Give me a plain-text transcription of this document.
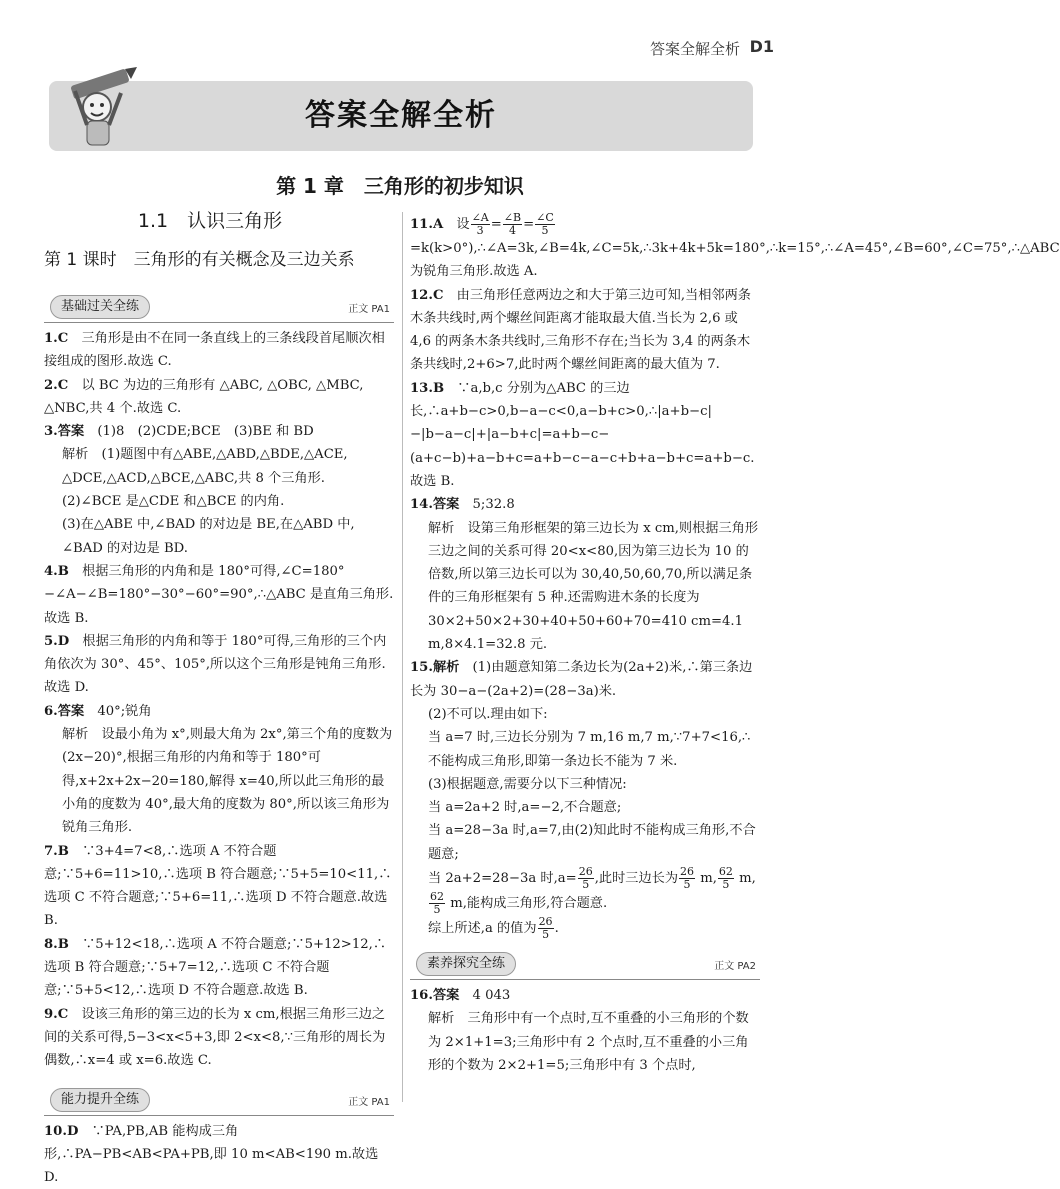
答案全解全析 D1
答案全解全析
第 1 章　三角形的初步知识
1.1　认识三角形
第 1 课时　三角形的有关概念及三边关系
基础过关全练	正文 PA1

1.C　三角形是由不在同一条直线上的三条线段首尾顺次相接组成的图形.故选 C.

2.C　以 BC 为边的三角形有 △ABC, △OBC, △MBC, △NBC,共 4 个.故选 C.

3.答案　(1)8　(2)CDE;BCE　(3)BE 和 BD

解析　(1)题图中有△ABE,△ABD,△BDE,△ACE, △DCE,△ACD,△BCE,△ABC,共 8 个三角形.

(2)∠BCE 是△CDE 和△BCE 的内角.

(3)在△ABE 中,∠BAD 的对边是 BE,在△ABD 中, ∠BAD 的对边是 BD.

4.B　根据三角形的内角和是 180°可得,∠C=180°−∠A−∠B=180°−30°−60°=90°,∴△ABC 是直角三角形.故选 B.

5.D　根据三角形的内角和等于 180°可得,三角形的三个内角依次为 30°、45°、105°,所以这个三角形是钝角三角形.故选 D.

6.答案　40°;锐角

解析　设最小角为 x°,则最大角为 2x°,第三个角的度数为(2x−20)°,根据三角形的内角和等于 180°可得,x+2x+2x−20=180,解得 x=40,所以此三角形的最小角的度数为 40°,最大角的度数为 80°,所以该三角形为锐角三角形.

7.B　∵3+4=7<8,∴选项 A 不符合题意;∵5+6=11>10,∴选项 B 符合题意;∵5+5=10<11,∴选项 C 不符合题意;∵5+6=11,∴选项 D 不符合题意.故选 B.

8.B　∵5+12<18,∴选项 A 不符合题意;∵5+12>12,∴选项 B 符合题意;∵5+7=12,∴选项 C 不符合题意;∵5+5<12,∴选项 D 不符合题意.故选 B.

9.C　设该三角形的第三边的长为 x cm,根据三角形三边之间的关系可得,5−3<x<5+3,即 2<x<8,∵三角形的周长为偶数,∴x=4 或 x=6.故选 C.

能力提升全练	正文 PA1

10.D　∵PA,PB,AB 能构成三角形,∴PA−PB<AB<PA+PB,即 10 m<AB<190 m.故选 D.

11.A　设 $\frac{\angle A}{3} = \frac{\angle B}{4} = \frac{\angle C}{5}$
=k(k>0°),∴∠A=3k,∠B=4k,∠C=5k,∴3k+4k+5k=180°,∴k=15°,∴∠A=45°,∠B=60°,∠C=75°,∴△ABC 为锐角三角形.故选 A.

12.C　由三角形任意两边之和大于第三边可知,当相邻两条木条共线时,两个螺丝间距离才能取最大值.当长为 2,6 或 4,6 的两条木条共线时,三角形不存在;当长为 3,4 的两条木条共线时,2+6>7,此时两个螺丝间距离的最大值为 7.

13.B　∵a,b,c 分别为△ABC 的三边长,∴a+b−c>0,b−a−c<0,a−b+c>0,∴|a+b−c|−|b−a−c|+|a−b+c|=a+b−c−(a+c−b)+a−b+c=a+b−c−a−c+b+a−b+c=a+b−c.故选 B.

14.答案　5;32.8

解析　设第三角形框架的第三边长为 x cm,则根据三角形三边之间的关系可得 20<x<80,因为第三边长为 10 的倍数,所以第三边长可以为 30,40,50,60,70,所以满足条件的三角形框架有 5 种.还需购进木条的长度为 30×2+50×2+30+40+50+60+70=410 cm=4.1 m,8×4.1=32.8 元.

15.解析　(1)由题意知第二条边长为(2a+2)米,∴第三条边长为 30−a−(2a+2)=(28−3a)米.

(2)不可以.理由如下:

当 a=7 时,三边长分别为 7 m,16 m,7 m,∵7+7<16,∴不能构成三角形,即第一条边长不能为 7 米.

(3)根据题意,需要分以下三种情况:

当 a=2a+2 时,a=−2,不合题意;

当 a=28−3a 时,a=7,由(2)知此时不能构成三角形,不合题意;

当 2a+2=28−3a 时$,a= \frac{26}{5}$ ,此时三边长为 $\frac{26}{5} m$, $\frac{62}{5} m$,
$\frac{62}{5} m$,能构成三角形,符合题意.

综上所述,a 的值为 $\frac{26}{5}$ .

素养探究全练	正文 PA2

16.答案　4 043

解析　三角形中有一个点时,互不重叠的小三角形的个数为 2×1+1=3;三角形中有 2 个点时,互不重叠的小三角形的个数为 2×2+1=5;三角形中有 3 个点时,
